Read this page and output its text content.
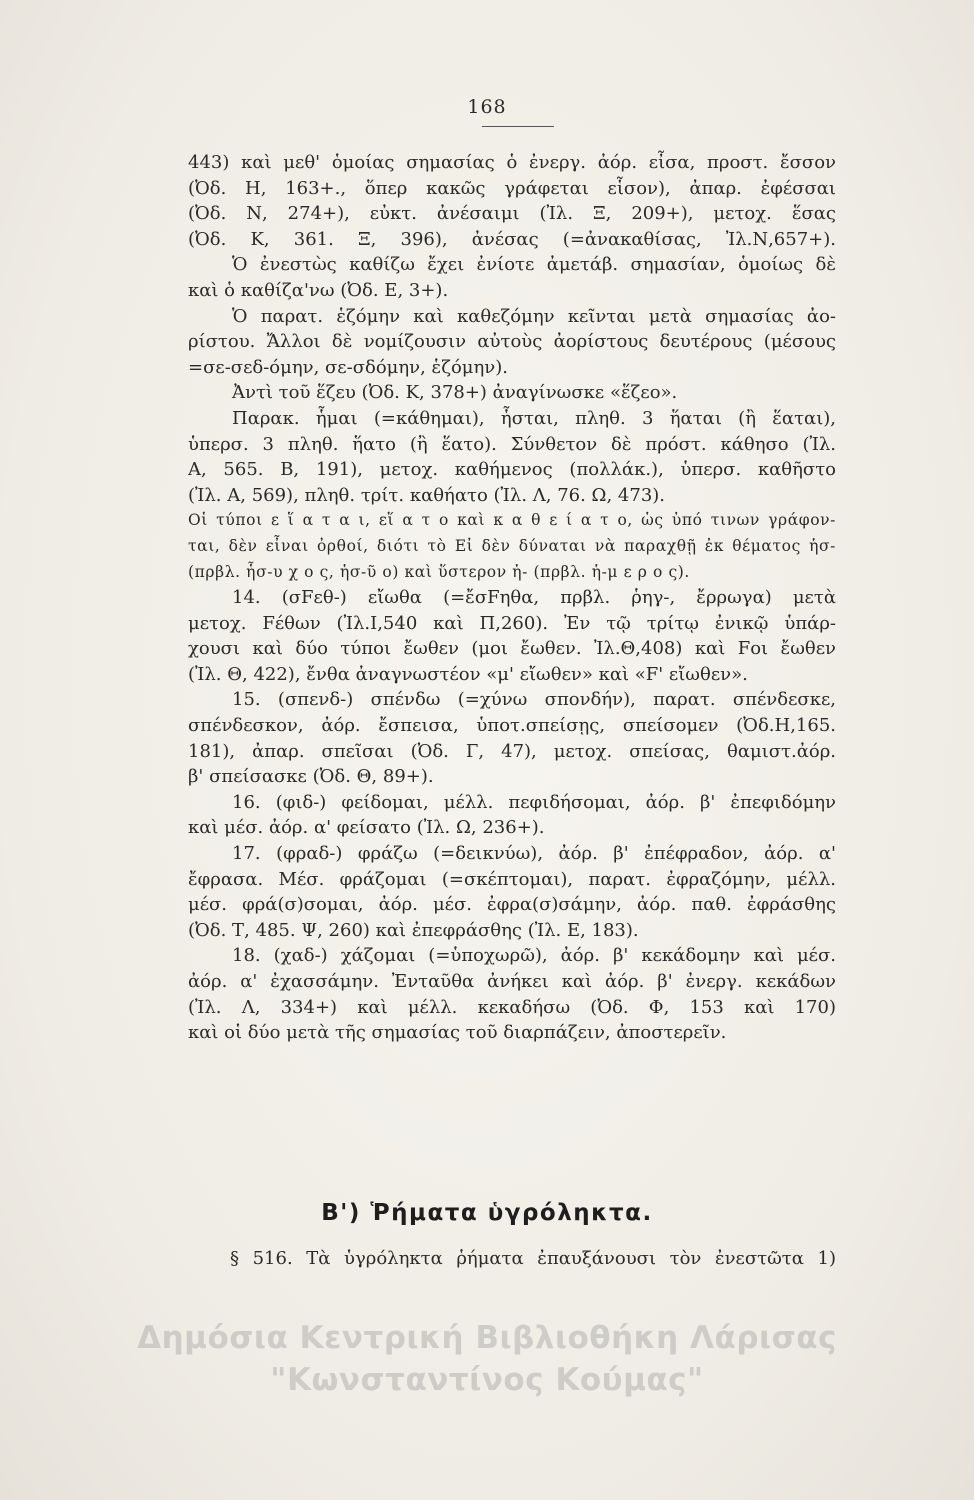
168
443) καὶ μεθ' ὁμοίας σημασίας ὁ ἐνεργ. ἀόρ. εἶσα, προστ. ἔσσον
(Ὀδ. Η, 163+., ὅπερ κακῶς γράφεται εἷσον), ἀπαρ. ἐφέσσαι
(Ὀδ. Ν, 274+), εὐκτ. ἀνέσαιμι (Ἰλ. Ξ, 209+), μετοχ. ἕσας
(Ὀδ. Κ, 361. Ξ, 396), ἀνέσας (=ἀνακαθίσας, Ἰλ.Ν,657+).
Ὁ ἐνεστὼς καθίζω ἔχει ἐνίοτε ἀμετάβ. σημασίαν, ὁμοίως δὲ
καὶ ὁ καθίζα'νω (Ὀδ. Ε, 3+).
Ὁ παρατ. ἑζόμην καὶ καθεζόμην κεῖνται μετὰ σημασίας ἀο-
ρίστου. Ἄλλοι δὲ νομίζουσιν αὐτοὺς ἀορίστους δευτέρους (μέσους
=σε-σεδ-όμην, σε-σδόμην, ἑζόμην).
Ἀντὶ τοῦ ἕζευ (Ὀδ. Κ, 378+) ἀναγίνωσκε «ἕζεο».
Παρακ. ἧμαι (=κάθημαι), ἧσται, πληθ. 3 ἥαται (ἢ ἕαται),
ὑπερσ. 3 πληθ. ἥατο (ἢ ἕατο). Σύνθετον δὲ πρόστ. κάθησο (Ἰλ.
Α, 565. Β, 191), μετοχ. καθήμενος (πολλάκ.), ὑπερσ. καθῆστο
(Ἰλ. Α, 569), πληθ. τρίτ. καθήατο (Ἰλ. Λ, 76. Ω, 473).
Οἱ τύποι ε ἵ α τ α ι, εἵ α τ ο καὶ κ α θ ε ί α τ ο, ὡς ὑπό τινων γράφον-
ται, δὲν εἶναι ὀρθοί, διότι τὸ Εἰ δὲν δύναται νὰ παραχθῇ ἐκ θέματος ἡσ-
(πρβλ. ἧσ-υ χ ο ς, ἡσ-ῦ ο) καὶ ὕστερον ἡ- (πρβλ. ἡ-μ ε ρ ο ς).
14. (σFεθ-) εἴωθα (=ἔσFηθα, πρβλ. ῥηγ-, ἔρρωγα) μετὰ
μετοχ. Fέθων (Ἰλ.Ι,540 καὶ Π,260). Ἐν τῷ τρίτῳ ἐνικῷ ὑπάρ-
χουσι καὶ δύο τύποι ἔωθεν (μοι ἔωθεν. Ἰλ.Θ,408) καὶ Fοι ἔωθεν
(Ἰλ. Θ, 422), ἔνθα ἀναγνωστέον «μ' εἴωθεν» καὶ «F' εἴωθεν».
15. (σπενδ-) σπένδω (=χύνω σπονδήν), παρατ. σπένδεσκε,
σπένδεσκον, ἀόρ. ἔσπεισα, ὑποτ.σπείσῃς, σπείσομεν (Ὀδ.Η,165.
181), ἀπαρ. σπεῖσαι (Ὀδ. Γ, 47), μετοχ. σπείσας, θαμιστ.ἀόρ.
β' σπείσασκε (Ὀδ. Θ, 89+).
16. (φιδ-) φείδομαι, μέλλ. πεφιδήσομαι, ἀόρ. β' ἐπεφιδόμην
καὶ μέσ. ἀόρ. α' φείσατο (Ἰλ. Ω, 236+).
17. (φραδ-) φράζω (=δεικνύω), ἀόρ. β' ἐπέφραδον, ἀόρ. α'
ἔφρασα. Μέσ. φράζομαι (=σκέπτομαι), παρατ. ἐφραζόμην, μέλλ.
μέσ. φρά(σ)σομαι, ἀόρ. μέσ. ἐφρα(σ)σάμην, ἀόρ. παθ. ἐφράσθης
(Ὀδ. Τ, 485. Ψ, 260) καὶ ἐπεφράσθης (Ἰλ. Ε, 183).
18. (χαδ-) χάζομαι (=ὑποχωρῶ), ἀόρ. β' κεκάδομην καὶ μέσ.
ἀόρ. α' ἐχασσάμην. Ἐνταῦθα ἀνήκει καὶ ἀόρ. β' ἐνεργ. κεκάδων
(Ἰλ. Λ, 334+) καὶ μέλλ. κεκαδήσω (Ὀδ. Φ, 153 καὶ 170)
καὶ οἱ δύο μετὰ τῆς σημασίας τοῦ διαρπάζειν, ἀποστερεῖν.
Β') Ῥήματα ὑγρόληκτα.
§ 516. Τὰ ὑγρόληκτα ῥήματα ἐπαυξάνουσι τὸν ἐνεστῶτα 1)
Δημόσια Κεντρική Βιβλιοθήκη Λάρισας
"Κωνσταντίνος Κούμας"
